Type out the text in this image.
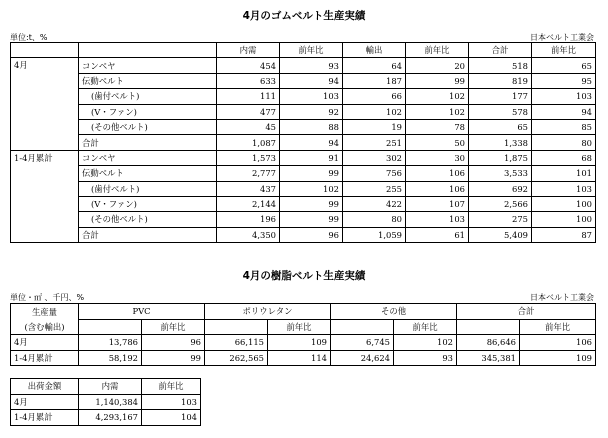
4月のゴムベルト生産実績
単位:t、%	日本ベルト工業会
		内需	前年比	輸出	前年比	合計	前年比
4月	コンベヤ	454	93	64	20	518	65
	伝動ベルト	633	94	187	99	819	95
	(歯付ベルト)	111	103	66	102	177	103
	(V・ファン)	477	92	102	102	578	94
	(その他ベルト)	45	88	19	78	65	85
	合計	1,087	94	251	50	1,338	80
1-4月累計	コンベヤ	1,573	91	302	30	1,875	68
	伝動ベルト	2,777	99	756	106	3,533	101
	(歯付ベルト)	437	102	255	106	692	103
	(V・ファン)	2,144	99	422	107	2,566	100
	(その他ベルト)	196	99	80	103	275	100
	合計	4,350	96	1,059	61	5,409	87
4月の樹脂ベルト生産実績
単位・㎡ 、千円、%	日本ベルト工業会
生産量	PVC		ポリウレタン		その他		合計	
(含む輸出)		前年比		前年比		前年比		前年比
4月	13,786	96	66,115	109	6,745	102	86,646	106
1-4月累計	58,192	99	262,565	114	24,624	93	345,381	109
出荷金額	内需	前年比
4月	1,140,384	103
1-4月累計	4,293,167	104
